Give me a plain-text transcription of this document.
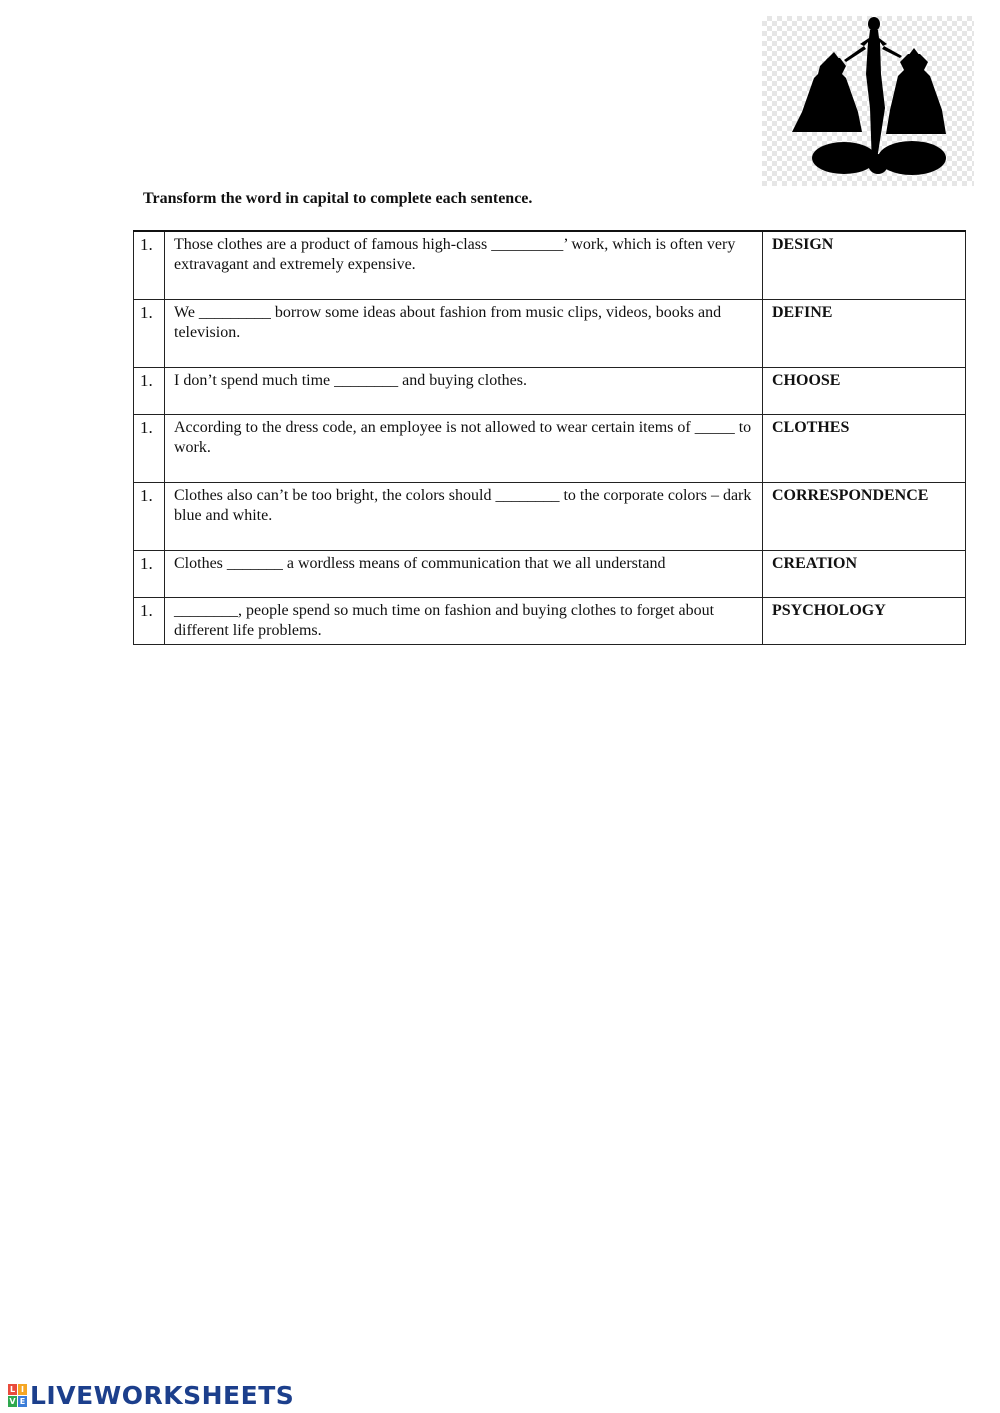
Transform the word in capital to complete each sentence.

1.	Those clothes are a product of famous high-class _________’ work, which is often very extravagant and extremely expensive.	DESIGN
1.	We _________ borrow some ideas about fashion from music clips, videos, books and television.	DEFINE
1.	I don’t spend much time ________ and buying clothes.	CHOOSE
1.	According to the dress code, an employee is not allowed to wear certain items of _____ to work.	CLOTHES
1.	Clothes also can’t be too bright, the colors should ________ to the corporate colors – dark blue and white.	CORRESPONDENCE
1.	Clothes _______ a wordless means of communication that we all understand	CREATION
1.	________, people spend so much time on fashion and buying clothes to forget about different life problems.	PSYCHOLOGY
L I
V E LIVEWORKSHEETS
